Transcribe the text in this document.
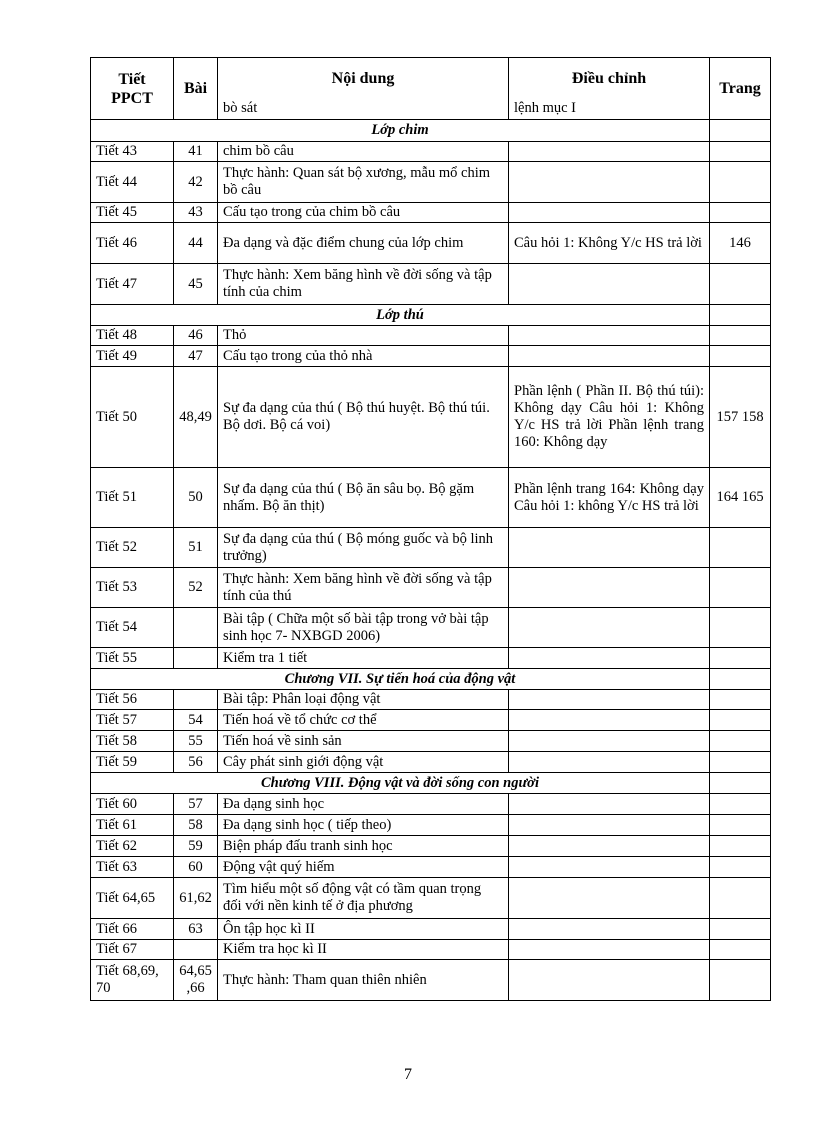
Tiết PPCT	Bài	Nội dung	Điều chỉnh	Trang
		bò sát	lệnh mục I	
Lớp chim				
Tiết 43	41	chim bồ câu		
Tiết 44	42	Thực hành: Quan sát bộ xương, mẫu mổ chim bồ câu		
Tiết 45	43	Cấu tạo trong của chim bồ câu		
Tiết 46	44	Đa dạng và đặc điểm chung của lớp chim	Câu hỏi 1: Không Y/c HS trả lời	146
Tiết 47	45	Thực hành: Xem băng hình về đời sống và tập tính của chim		
Lớp thú				
Tiết 48	46	Thỏ		
Tiết 49	47	Cấu tạo trong của thỏ nhà		
Tiết 50	48,49	Sự đa dạng của thú ( Bộ thú huyệt. Bộ thú túi. Bộ dơi. Bộ cá voi)	Phần lệnh ( Phần II. Bộ thú túi): Không dạy Câu hỏi 1: Không Y/c HS trả lời Phần lệnh trang 160: Không dạy	157 158
Tiết 51	50	Sự đa dạng của thú ( Bộ ăn sâu bọ. Bộ gặm nhấm. Bộ ăn thịt)	Phần lệnh trang 164: Không dạy Câu hỏi 1: không Y/c HS trả lời	164 165
Tiết 52	51	Sự đa dạng của thú ( Bộ móng guốc và bộ linh trưởng)		
Tiết 53	52	Thực hành: Xem băng hình về đời sống và tập tính của thú		
Tiết 54		Bài tập ( Chữa một số bài tập trong vở bài tập sinh học 7- NXBGD 2006)		
Tiết 55		Kiểm tra 1 tiết		
Chương VII. Sự tiến hoá của động vật				
Tiết 56		Bài tập: Phân loại động vật		
Tiết 57	54	Tiến hoá về tổ chức cơ thể		
Tiết 58	55	Tiến hoá về sinh sản		
Tiết 59	56	Cây phát sinh giới động vật		
Chương VIII. Động vật và đời sống con người				
Tiết 60	57	Đa dạng sinh học		
Tiết 61	58	Đa dạng sinh học ( tiếp theo)		
Tiết 62	59	Biện pháp đấu tranh sinh học		
Tiết 63	60	Động vật quý hiếm		
Tiết 64,65	61,62	Tìm hiểu một số động vật có tầm quan trọng đối với nền kinh tế ở địa phương		
Tiết 66	63	Ôn tập học kì II		
Tiết 67		Kiểm tra học kì II		
Tiết 68,69, 70	64,65 ,66	Thực hành: Tham quan thiên nhiên		
7
